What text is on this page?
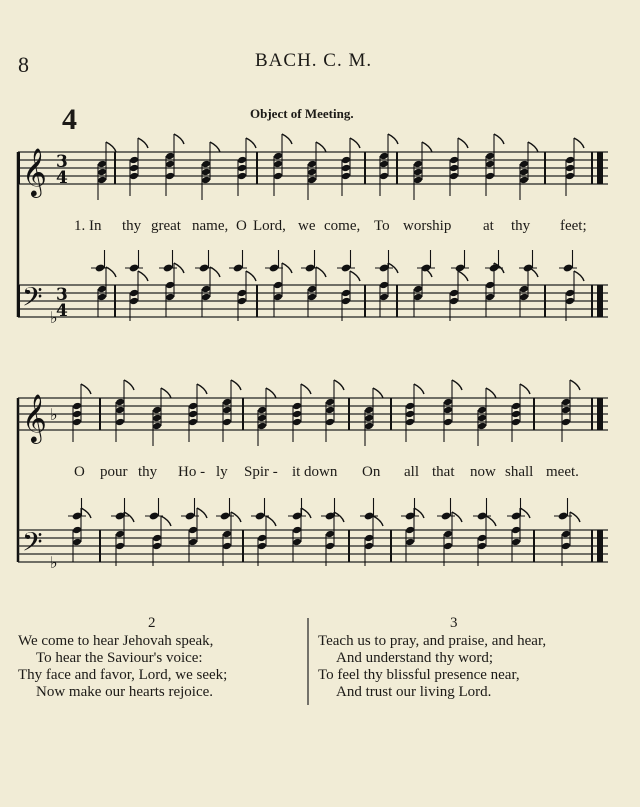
8	BACH. C. M.
4	Object of Meeting.
𝄞 3
4
𝄢 ♭
3
4
𝄞 ♭
𝄢 ♭
1. In thy great name, O Lord, we come, To worship at thy feet;
O pour thy Ho - ly Spir - it down On all that now shall meet.
2
We come to hear Jehovah speak,
To hear the Saviour's voice:
Thy face and favor, Lord, we seek;
Now make our hearts rejoice.
3
Teach us to pray, and praise, and hear,
And understand thy word;
To feel thy blissful presence near,
And trust our living Lord.
